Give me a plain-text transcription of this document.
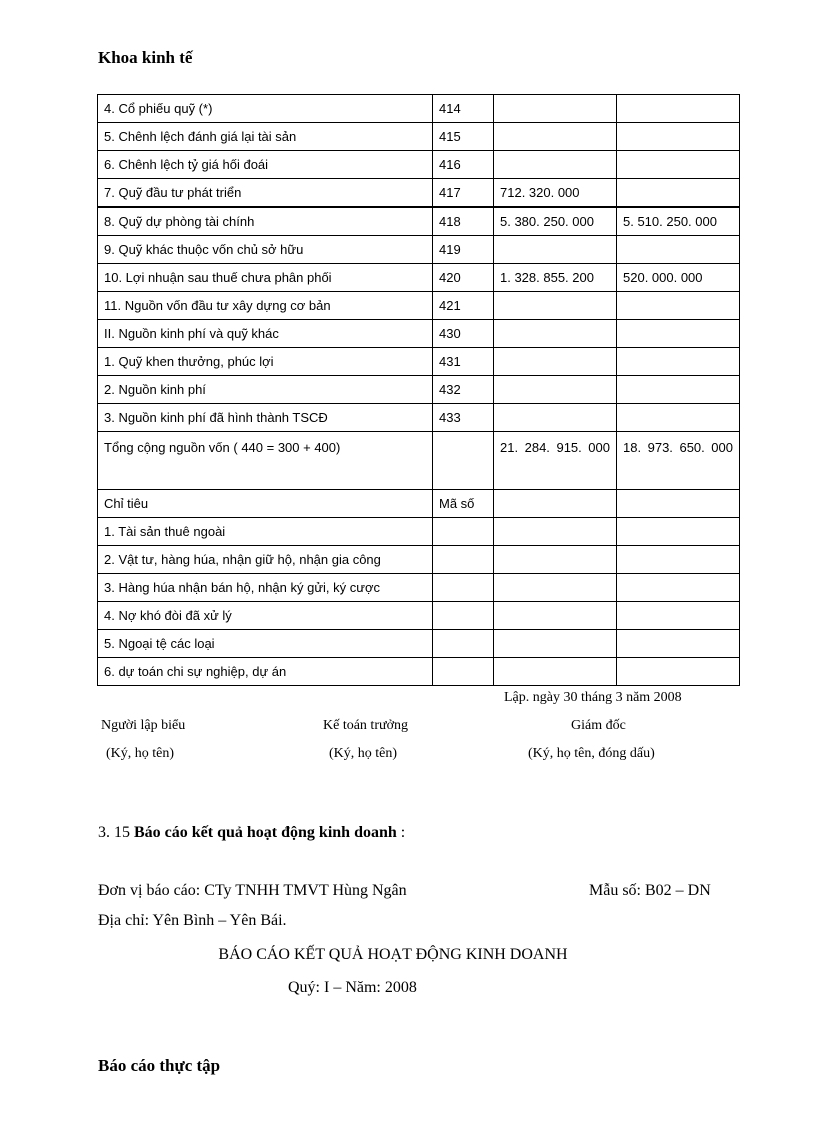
Khoa kinh tế
4. Cổ phiếu quỹ (*)	414		
5. Chênh lệch đánh giá lại tài sản	415		
6. Chênh lệch tỷ giá hối đoái	416		
7. Quỹ đầu tư phát triển	417	712. 320. 000	
8. Quỹ dự phòng tài chính	418	5. 380. 250. 000	5. 510. 250. 000
9. Quỹ khác thuộc vốn chủ sở hữu	419		
10. Lợi nhuận sau thuế chưa phân phối	420	1. 328. 855. 200	520. 000. 000
11. Nguồn vốn đầu tư xây dựng cơ bản	421		
II. Nguồn kinh phí và quỹ khác	430		
1. Quỹ khen thưởng, phúc lợi	431		
2. Nguồn kinh phí	432		
3. Nguồn kinh phí đã hình thành TSCĐ	433		
Tổng cộng nguồn vốn ( 440 = 300 + 400)		21. 284. 915. 000	18. 973. 650. 000
Chỉ tiêu	Mã số		
1. Tài sản thuê ngoài			
2. Vật tư, hàng húa, nhận giữ hộ, nhận gia công			
3. Hàng húa nhận bán hộ, nhận ký gửi, ký cược			
4. Nợ khó đòi đã xử lý			
5. Ngoại tệ các loại			
6. dự toán chi sự nghiệp, dự án			
Lập. ngày 30 tháng 3 năm 2008
Người lập biểu	Kế toán trưởng	Giám đốc
(Ký, họ tên)	(Ký, họ tên)	(Ký, họ tên, đóng dấu)
3. 15 Báo cáo kết quả hoạt động kinh doanh :
Đơn vị báo cáo: CTy TNHH TMVT Hùng Ngân	Mẫu số: B02 – DN
Địa chỉ: Yên Bình – Yên Bái.
BÁO CÁO KẾT QUẢ HOẠT ĐỘNG KINH DOANH
Quý: I – Năm: 2008
Báo cáo thực tập
